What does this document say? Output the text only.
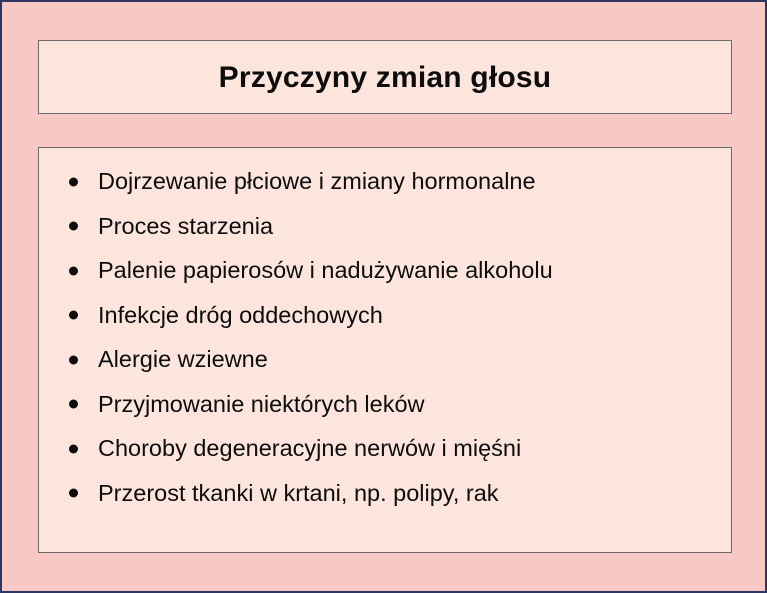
Przyczyny zmian głosu
Dojrzewanie płciowe i zmiany hormonalne
Proces starzenia
Palenie papierosów i nadużywanie alkoholu
Infekcje dróg oddechowych
Alergie wziewne
Przyjmowanie niektórych leków
Choroby degeneracyjne nerwów i mięśni
Przerost tkanki w krtani, np. polipy, rak
